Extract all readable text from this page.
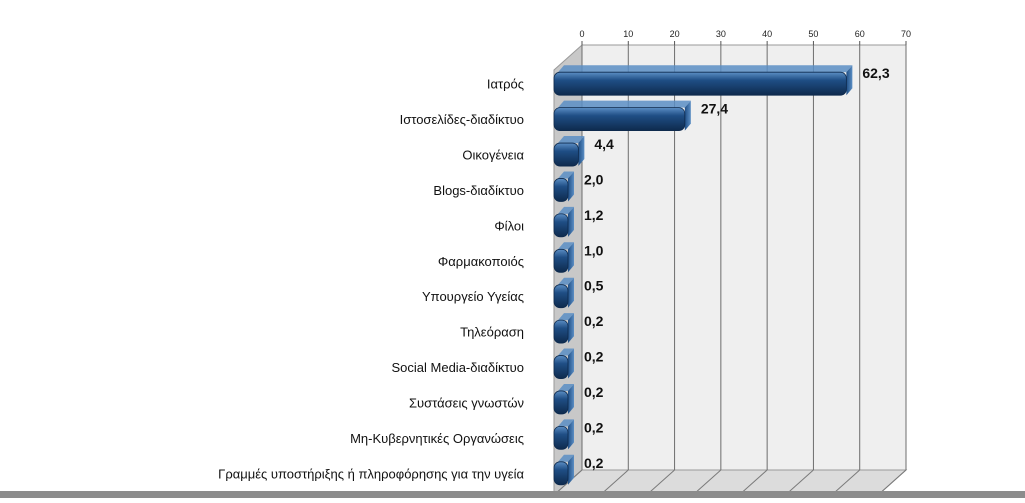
0	10	20	30	40	50	60	70
Ιατρός
Ιστοσελίδες-διαδίκτυο
Οικογένεια
Blogs-διαδίκτυο
Φίλοι
Φαρμακοποιός
Υπουργείο Υγείας
Τηλεόραση
Social Media-διαδίκτυο
Συστάσεις γνωστών
Μη-Κυβερνητικές Οργανώσεις
Γραμμές υποστήριξης ή πληροφόρησης για την υγεία
62,3
27,4
4,4
2,0
1,2
1,0
0,5
0,2
0,2
0,2
0,2
0,2
